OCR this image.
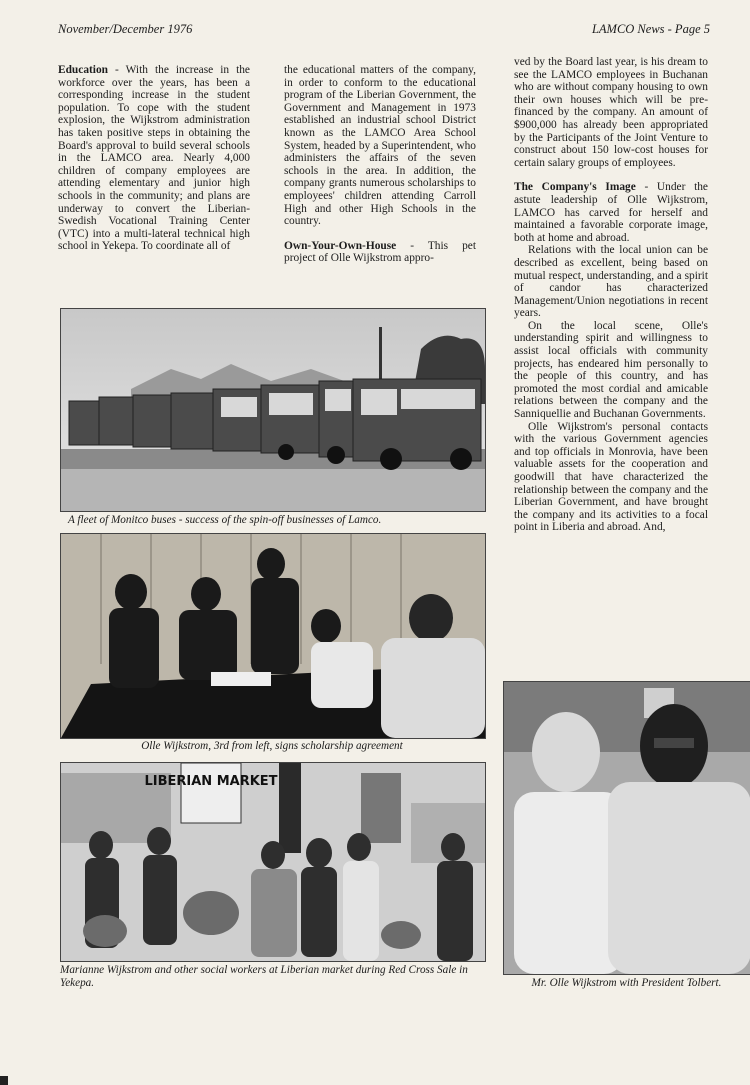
November/December 1976	LAMCO News - Page 5

Education - With the increase in the workforce over the years, has been a corresponding increase in the student population. To cope with the student explosion, the Wijkstrom administration has taken positive steps in obtaining the Board's approval to build several schools in the LAMCO area. Nearly 4,000 children of company employees are attending elementary and junior high schools in the community; and plans are underway to convert the Liberian-Swedish Vocational Training Center (VTC) into a multi-lateral technical high school in Yekepa. To coordinate all of

the educational matters of the company, in order to conform to the educational program of the Liberian Government, the Government and Management in 1973 established an industrial school District known as the LAMCO Area School System, headed by a Superintendent, who administers the affairs of the seven schools in the area. In addition, the company grants numerous scholarships to employees' children attending Carroll High and other High Schools in the country.

Own-Your-Own-House - This pet project of Olle Wijkstrom appro-

ved by the Board last year, is his dream to see the LAMCO employees in Buchanan who are without company housing to own their own houses which will be pre-financed by the company. An amount of $900,000 has already been appropriated by the Participants of the Joint Venture to construct about 150 low-cost houses for certain salary groups of employees.

The Company's Image - Under the astute leadership of Olle Wijkstrom, LAMCO has carved for herself and maintained a favorable corporate image, both at home and abroad.

Relations with the local union can be described as excellent, being based on mutual respect, understanding, and a spirit of candor has characterized Management/Union negotiations in recent years.

On the local scene, Olle's understanding spirit and willingness to assist local officials with community projects, has endeared him personally to the people of this country, and has promoted the most cordial and amicable relations between the company and the Sanniquellie and Buchanan Governments.

Olle Wijkstrom's personal contacts with the various Government agencies and top officials in Monrovia, have been valuable assets for the cooperation and goodwill that have characterized the relationship between the company and the Liberian Government, and have brought the company and its activities to a focal point in Liberia and abroad. And,

A fleet of Monitco buses - success of the spin-off businesses of Lamco.
Olle Wijkstrom, 3rd from left, signs scholarship agreement
LIBERIAN MARKET
Marianne Wijkstrom and other social workers at Liberian market during Red Cross Sale in Yekepa.	Mr. Olle Wijkstrom with President Tolbert.
